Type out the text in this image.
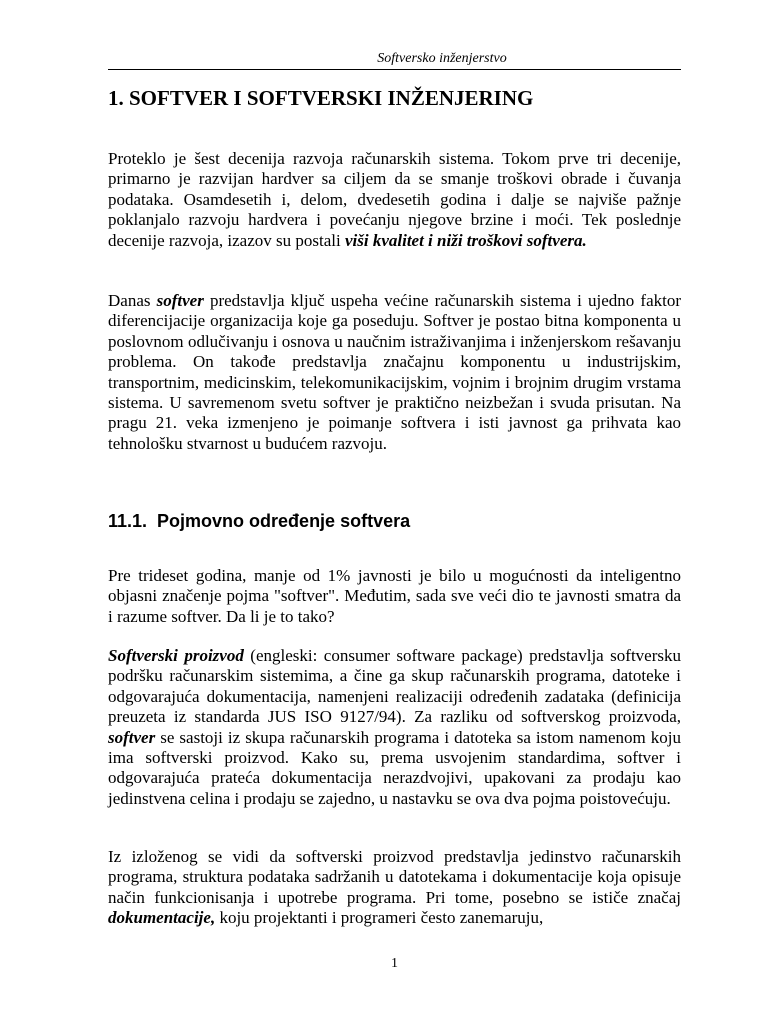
Softversko inženjerstvo
1. SOFTVER I SOFTVERSKI INŽENJERING

Proteklo je šest decenija razvoja računarskih sistema. Tokom prve tri decenije, primarno je razvijan hardver sa ciljem da se smanje troškovi obrade i čuvanja podataka. Osamdesetih i, delom, dvedesetih godina i dalje se najviše pažnje poklanjalo razvoju hardvera i povećanju njegove brzine i moći. Tek poslednje decenije razvoja, izazov su postali viši kvalitet i niži troškovi softvera.

Danas softver predstavlja ključ uspeha većine računarskih sistema i ujedno faktor diferencijacije organizacija koje ga poseduju. Softver je postao bitna komponenta u poslovnom odlučivanju i osnova u naučnim istraživanjima i inženjerskom rešavanju problema. On takođe predstavlja značajnu komponentu u industrijskim, transportnim, medicinskim, telekomunikacijskim, vojnim i brojnim drugim vrstama sistema. U savremenom svetu softver je praktično neizbežan i svuda prisutan. Na pragu 21. veka izmenjeno je poimanje softvera i isti javnost ga prihvata kao tehnološku stvarnost u budućem razvoju.

11.1. Pojmovno određenje softvera

Pre trideset godina, manje od 1% javnosti je bilo u mogućnosti da inteligentno objasni značenje pojma "softver". Međutim, sada sve veći dio te javnosti smatra da i razume softver. Da li je to tako?

Softverski proizvod (engleski: consumer software package) predstavlja softversku podršku računarskim sistemima, a čine ga skup računarskih programa, datoteke i odgovarajuća dokumentacija, namenjeni realizaciji određenih zadataka (definicija preuzeta iz standarda JUS ISO 9127/94). Za razliku od softverskog proizvoda, softver se sastoji iz skupa računarskih programa i datoteka sa istom namenom koju ima softverski proizvod. Kako su, prema usvojenim standardima, softver i odgovarajuća prateća dokumentacija nerazdvojivi, upakovani za prodaju kao jedinstvena celina i prodaju se zajedno, u nastavku se ova dva pojma poistovećuju.

Iz izloženog se vidi da softverski proizvod predstavlja jedinstvo računarskih programa, struktura podataka sadržanih u datotekama i dokumentacije koja opisuje način funkcionisanja i upotrebe programa. Pri tome, posebno se ističe značaj dokumentacije, koju projektanti i programeri često zanemaruju,

1
